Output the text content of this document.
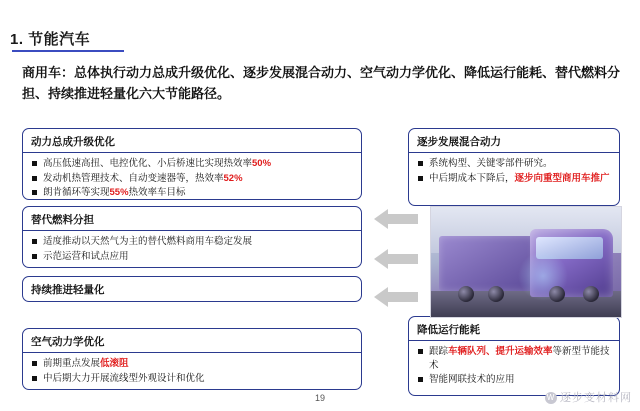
1. 节能汽车
商用车：总体执行动力总成升级优化、逐步发展混合动力、空气动力学优化、降低运行能耗、替代燃料分担、持续推进轻量化六大节能路径。
动力总成升级优化
高压低速高扭、电控优化、小后桥速比实现热效率50%
发动机热管理技术、自动变速器等，热效率52%
朗肯循环等实现55%热效率车目标
替代燃料分担
适度推动以天然气为主的替代燃料商用车稳定发展
示范运营和试点应用
持续推进轻量化
空气动力学优化
前期重点发展低滚阻
中后期大力开展流线型外观设计和优化
逐步发展混合动力
系统构型、关键零部件研究。
中后期成本下降后，逐步向重型商用车推广
降低运行能耗
跟踪车辆队列、提升运输效率等新型节能技术
智能网联技术的应用
19	W 逐步变材料网
